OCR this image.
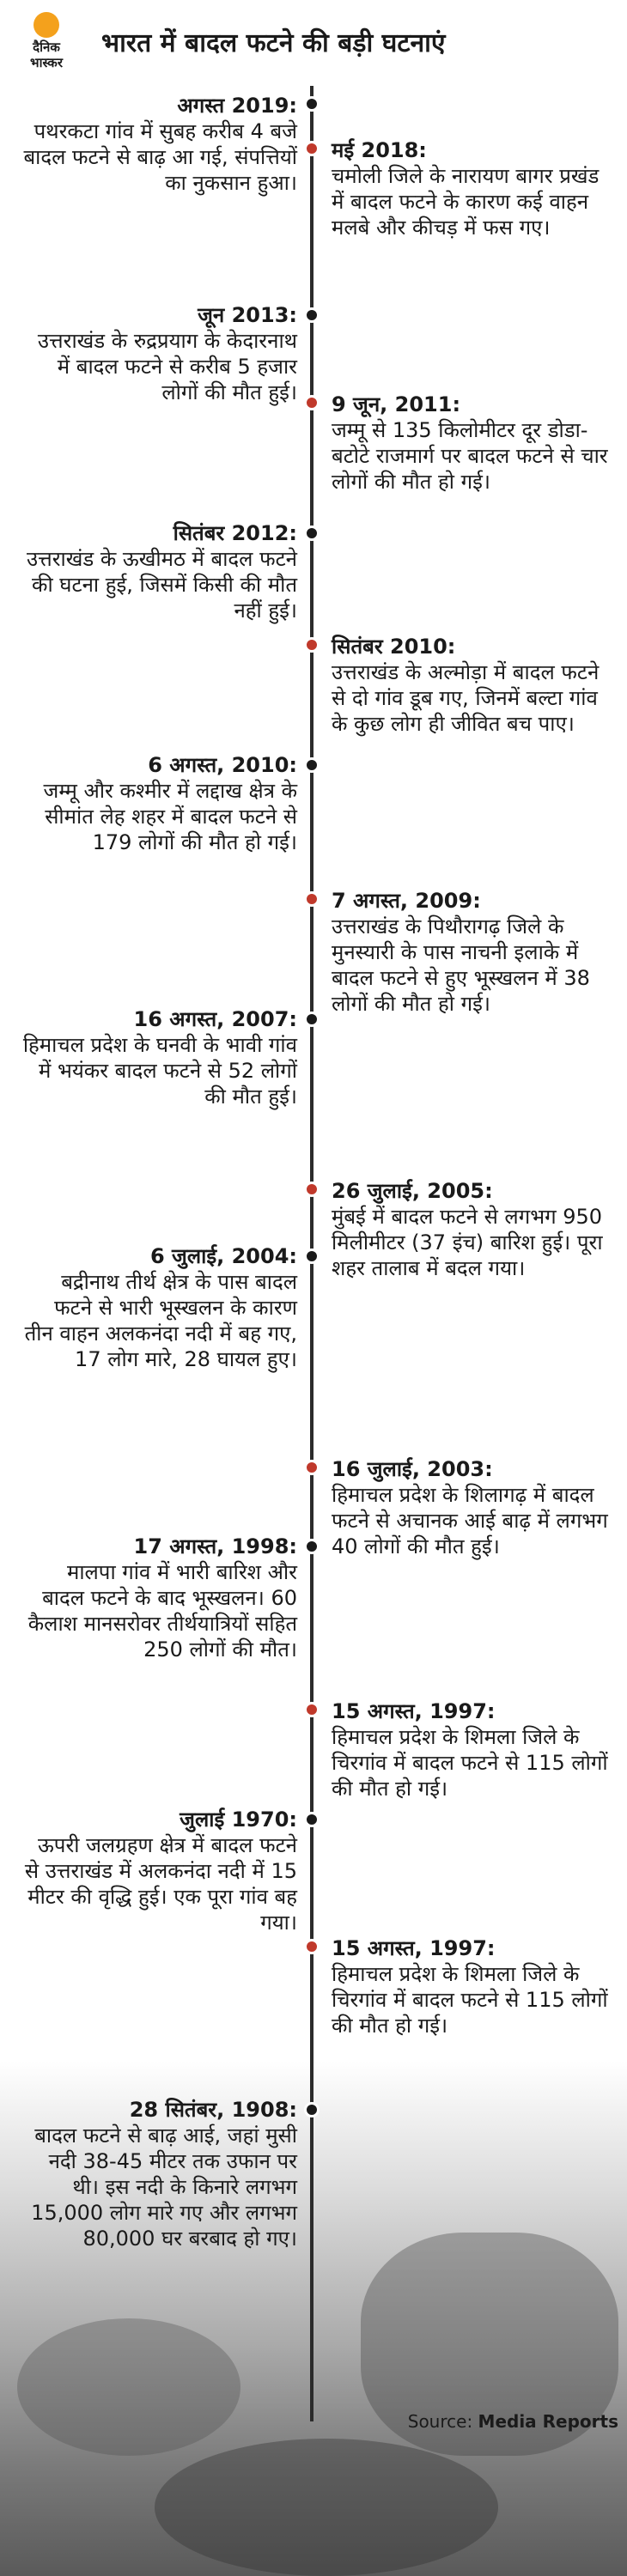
दैनिक
भास्कर
भारत में बादल फटने की बड़ी घटनाएं
अगस्त 2019:
पथरकटा गांव में सुबह करीब 4 बजे बादल फटने से बाढ़ आ गई, संपत्तियों का नुकसान हुआ।
जून 2013:
उत्तराखंड के रुद्रप्रयाग के केदारनाथ में बादल फटने से करीब 5 हजार लोगों की मौत हुई।
सितंबर 2012:
उत्तराखंड के ऊखीमठ में बादल फटने की घटना हुई, जिसमें किसी की मौत नहीं हुई।
6 अगस्त, 2010:
जम्मू और कश्मीर में लद्दाख क्षेत्र के सीमांत लेह शहर में बादल फटने से 179 लोगों की मौत हो गई।
16 अगस्त, 2007:
हिमाचल प्रदेश के घनवी के भावी गांव में भयंकर बादल फटने से 52 लोगों की मौत हुई।
6 जुलाई, 2004:
बद्रीनाथ तीर्थ क्षेत्र के पास बादल फटने से भारी भूस्खलन के कारण तीन वाहन अलकनंदा नदी में बह गए, 17 लोग मारे, 28 घायल हुए।
17 अगस्त, 1998:
मालपा गांव में भारी बारिश और बादल फटने के बाद भूस्खलन। 60 कैलाश मानसरोवर तीर्थयात्रियों सहित 250 लोगों की मौत।
जुलाई 1970:
ऊपरी जलग्रहण क्षेत्र में बादल फटने से उत्तराखंड में अलकनंदा नदी में 15 मीटर की वृद्धि हुई। एक पूरा गांव बह गया।
28 सितंबर, 1908:
बादल फटने से बाढ़ आई, जहां मुसी नदी 38-45 मीटर तक उफान पर थी। इस नदी के किनारे लगभग 15,000 लोग मारे गए और लगभग 80,000 घर बरबाद हो गए।
मई 2018:
चमोली जिले के नारायण बागर प्रखंड में बादल फटने के कारण कई वाहन मलबे और कीचड़ में फस गए।
9 जून, 2011:
जम्मू से 135 किलोमीटर दूर डोडा-बटोटे राजमार्ग पर बादल फटने से चार लोगों की मौत हो गई।
सितंबर 2010:
उत्तराखंड के अल्मोड़ा में बादल फटने से दो गांव डूब गए, जिनमें बल्टा गांव के कुछ लोग ही जीवित बच पाए।
7 अगस्त, 2009:
उत्तराखंड के पिथौरागढ़ जिले के मुनस्यारी के पास नाचनी इलाके में बादल फटने से हुए भूस्खलन में 38 लोगों की मौत हो गई।
26 जुलाई, 2005:
मुंबई में बादल फटने से लगभग 950 मिलीमीटर (37 इंच) बारिश हुई। पूरा शहर तालाब में बदल गया।
16 जुलाई, 2003:
हिमाचल प्रदेश के शिलागढ़ में बादल फटने से अचानक आई बाढ़ में लगभग 40 लोगों की मौत हुई।
15 अगस्त, 1997:
हिमाचल प्रदेश के शिमला जिले के चिरगांव में बादल फटने से 115 लोगों की मौत हो गई।
15 अगस्त, 1997:
हिमाचल प्रदेश के शिमला जिले के चिरगांव में बादल फटने से 115 लोगों की मौत हो गई।
Source: Media Reports
